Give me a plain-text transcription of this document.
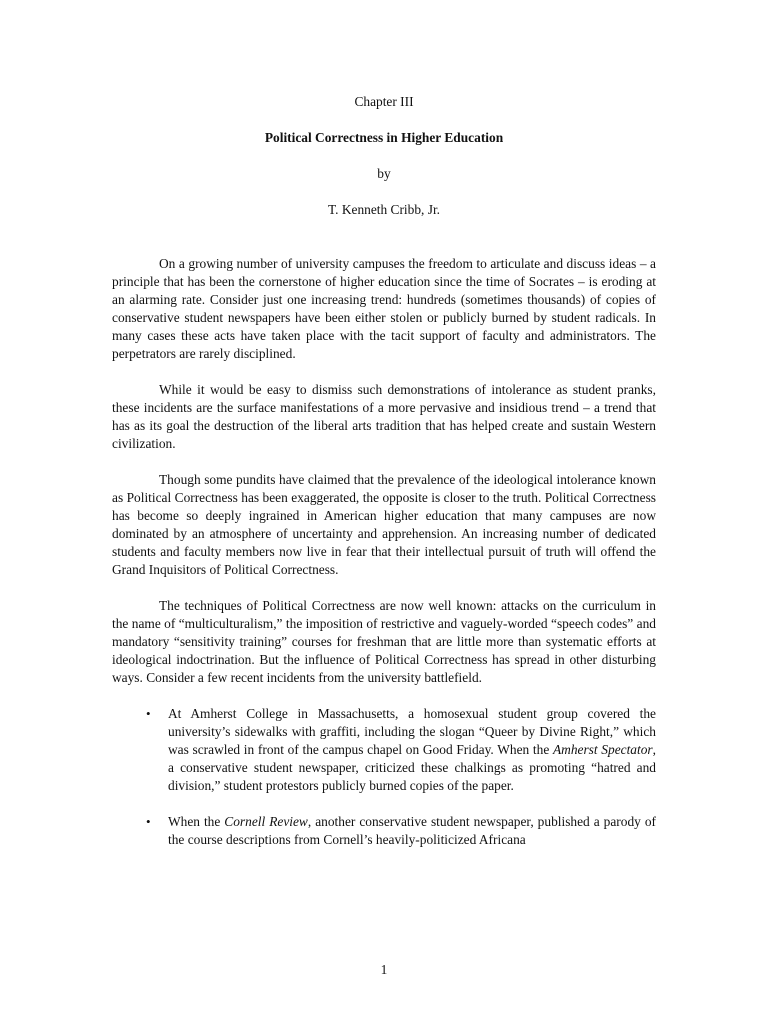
Chapter III
Political Correctness in Higher Education
by
T. Kenneth Cribb, Jr.

On a growing number of university campuses the freedom to articulate and discuss ideas – a principle that has been the cornerstone of higher education since the time of Socrates – is eroding at an alarming rate. Consider just one increasing trend: hundreds (sometimes thousands) of copies of conservative student newspapers have been either stolen or publicly burned by student radicals. In many cases these acts have taken place with the tacit support of faculty and administrators. The perpetrators are rarely disciplined.

While it would be easy to dismiss such demonstrations of intolerance as student pranks, these incidents are the surface manifestations of a more pervasive and insidious trend – a trend that has as its goal the destruction of the liberal arts tradition that has helped create and sustain Western civilization.

Though some pundits have claimed that the prevalence of the ideological intolerance known as Political Correctness has been exaggerated, the opposite is closer to the truth. Political Correctness has become so deeply ingrained in American higher education that many campuses are now dominated by an atmosphere of uncertainty and apprehension. An increasing number of dedicated students and faculty members now live in fear that their intellectual pursuit of truth will offend the Grand Inquisitors of Political Correctness.

The techniques of Political Correctness are now well known: attacks on the curriculum in the name of “multiculturalism,” the imposition of restrictive and vaguely-worded “speech codes” and mandatory “sensitivity training” courses for freshman that are little more than systematic efforts at ideological indoctrination. But the influence of Political Correctness has spread in other disturbing ways. Consider a few recent incidents from the university battlefield.

• At Amherst College in Massachusetts, a homosexual student group covered the university’s sidewalks with graffiti, including the slogan “Queer by Divine Right,” which was scrawled in front of the campus chapel on Good Friday. When the Amherst Spectator, a conservative student newspaper, criticized these chalkings as promoting “hatred and division,” student protestors publicly burned copies of the paper.
• When the Cornell Review, another conservative student newspaper, published a parody of the course descriptions from Cornell’s heavily-politicized Africana
1
